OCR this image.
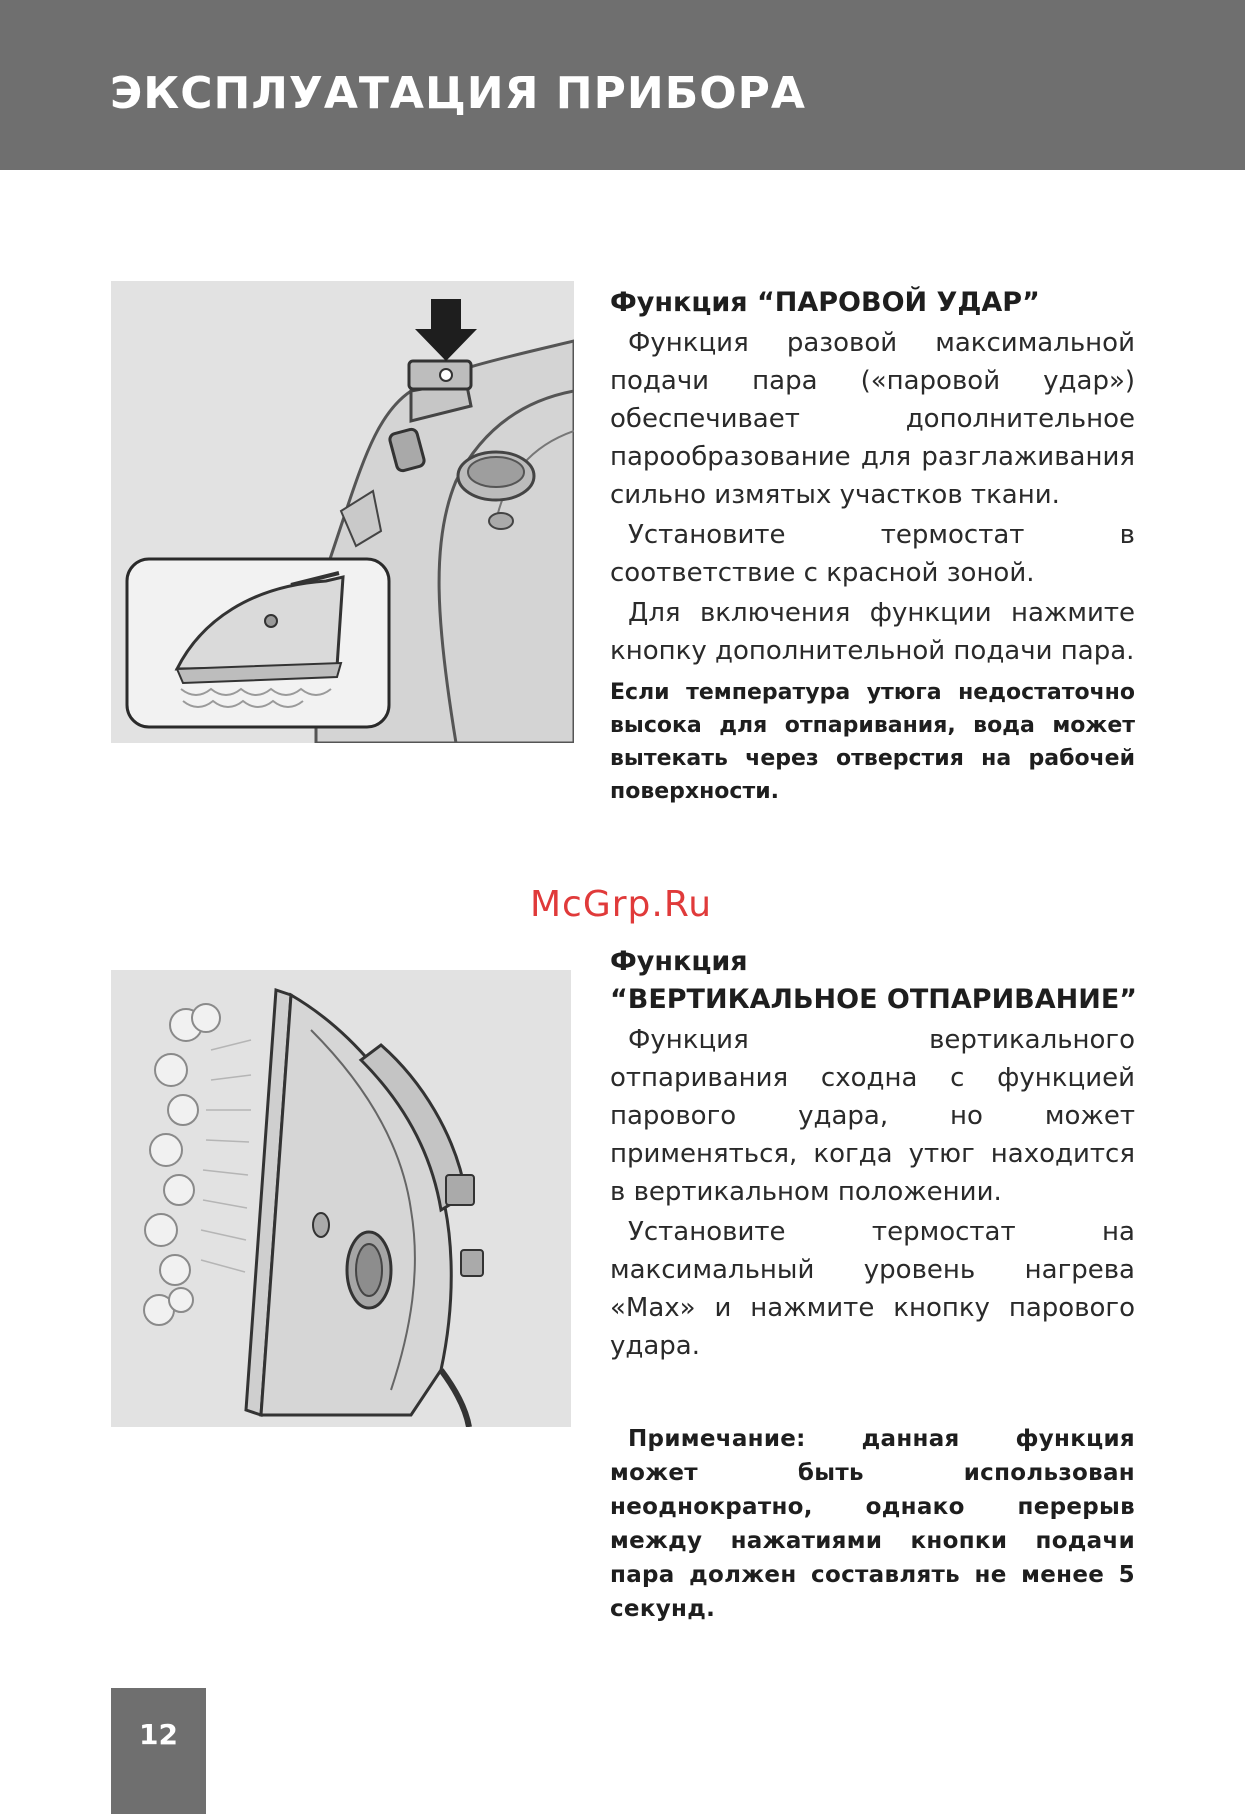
ЭКСПЛУАТАЦИЯ ПРИБОРА
Функция “ПАРОВОЙ УДАР”

Функция разовой максимальной подачи пара («паровой удар») обеспечивает дополнительное парообразование для разглаживания сильно измятых участков ткани.

Установите термостат в соответствие с красной зоной.

Для включения функции нажмите кнопку дополнительной подачи пара.

Если температура утюга недостаточно высока для отпаривания, вода может вытекать через отверстия на рабочей поверхности.

McGrp.Ru
Функция
“ВЕРТИКАЛЬНОЕ ОТПАРИВАНИЕ”

Функция вертикального отпаривания сходна с функцией парового удара, но может применяться, когда утюг находится в вертикальном положении.

Установите термостат на максимальный уровень нагрева «Max» и нажмите кнопку парового удара.

Примечание: данная функция может быть использован неоднократно, однако перерыв между нажатиями кнопки подачи пара должен составлять не менее 5 секунд.

12
